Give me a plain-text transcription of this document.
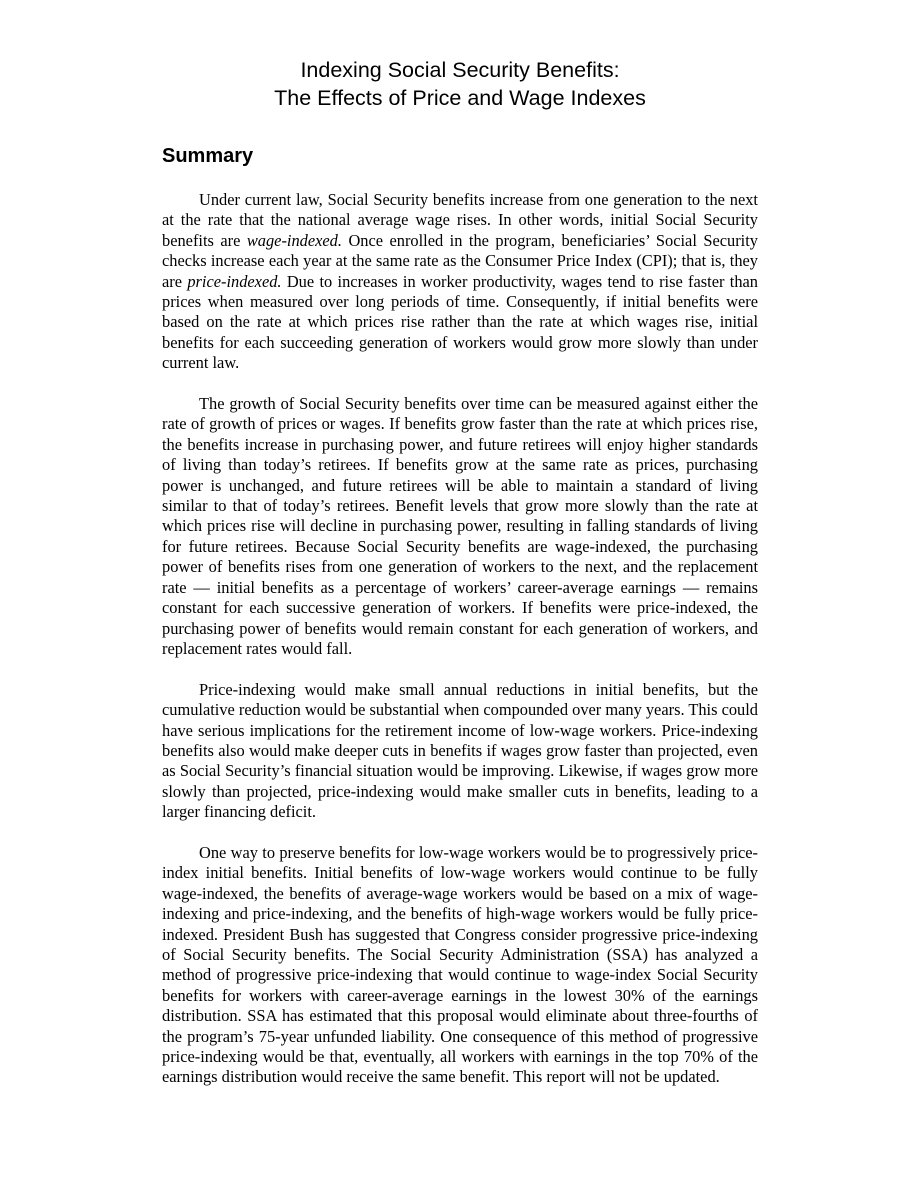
Indexing Social Security Benefits:
The Effects of Price and Wage Indexes
Summary

Under current law, Social Security benefits increase from one generation to the next at the rate that the national average wage rises. In other words, initial Social Security benefits are wage-indexed. Once enrolled in the program, beneficiaries’ Social Security checks increase each year at the same rate as the Consumer Price Index (CPI); that is, they are price-indexed. Due to increases in worker productivity, wages tend to rise faster than prices when measured over long periods of time. Consequently, if initial benefits were based on the rate at which prices rise rather than the rate at which wages rise, initial benefits for each succeeding generation of workers would grow more slowly than under current law.

The growth of Social Security benefits over time can be measured against either the rate of growth of prices or wages. If benefits grow faster than the rate at which prices rise, the benefits increase in purchasing power, and future retirees will enjoy higher standards of living than today’s retirees. If benefits grow at the same rate as prices, purchasing power is unchanged, and future retirees will be able to maintain a standard of living similar to that of today’s retirees. Benefit levels that grow more slowly than the rate at which prices rise will decline in purchasing power, resulting in falling standards of living for future retirees. Because Social Security benefits are wage-indexed, the purchasing power of benefits rises from one generation of workers to the next, and the replacement rate — initial benefits as a percentage of workers’ career-average earnings — remains constant for each successive generation of workers. If benefits were price-indexed, the purchasing power of benefits would remain constant for each generation of workers, and replacement rates would fall.

Price-indexing would make small annual reductions in initial benefits, but the cumulative reduction would be substantial when compounded over many years. This could have serious implications for the retirement income of low-wage workers. Price-indexing benefits also would make deeper cuts in benefits if wages grow faster than projected, even as Social Security’s financial situation would be improving. Likewise, if wages grow more slowly than projected, price-indexing would make smaller cuts in benefits, leading to a larger financing deficit.

One way to preserve benefits for low-wage workers would be to progressively price-index initial benefits. Initial benefits of low-wage workers would continue to be fully wage-indexed, the benefits of average-wage workers would be based on a mix of wage-indexing and price-indexing, and the benefits of high-wage workers would be fully price-indexed. President Bush has suggested that Congress consider progressive price-indexing of Social Security benefits. The Social Security Administration (SSA) has analyzed a method of progressive price-indexing that would continue to wage-index Social Security benefits for workers with career-average earnings in the lowest 30% of the earnings distribution. SSA has estimated that this proposal would eliminate about three-fourths of the program’s 75-year unfunded liability. One consequence of this method of progressive price-indexing would be that, eventually, all workers with earnings in the top 70% of the earnings distribution would receive the same benefit. This report will not be updated.
